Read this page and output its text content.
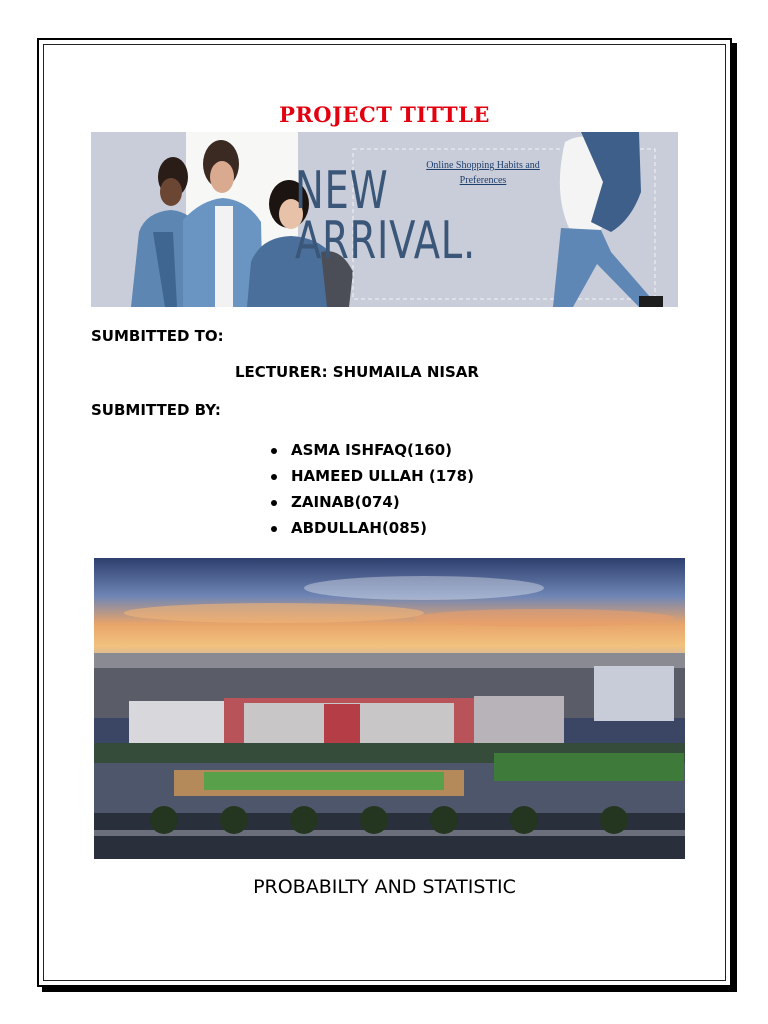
PROJECT TITTLE
Online Shopping Habits and Preferences
NEW
ARRIVAL.
SUMBITTED TO:
LECTURER: SHUMAILA NISAR
SUBMITTED BY:
ASMA ISHFAQ(160)
HAMEED ULLAH (178)
ZAINAB(074)
ABDULLAH(085)
PROBABILTY AND STATISTIC
